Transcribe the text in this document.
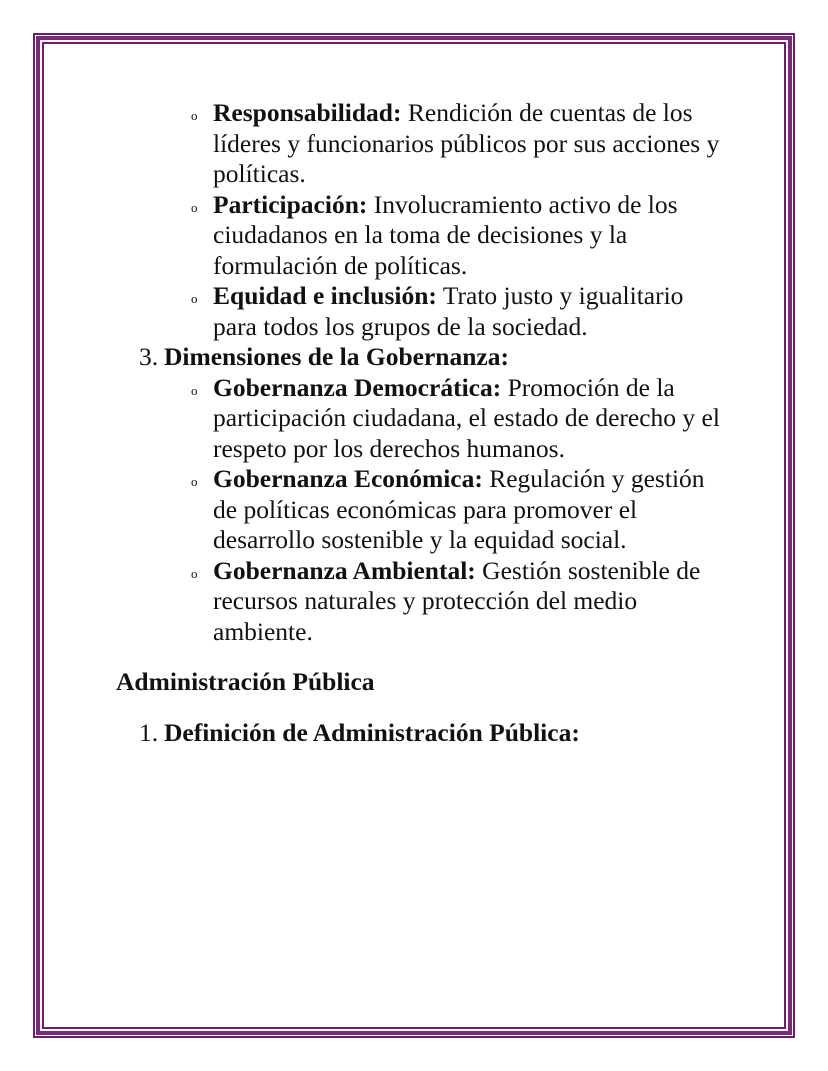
o Responsabilidad: Rendición de cuentas de los líderes y funcionarios públicos por sus acciones y políticas.
o Participación: Involucramiento activo de los ciudadanos en la toma de decisiones y la formulación de políticas.
o Equidad e inclusión: Trato justo y igualitario para todos los grupos de la sociedad.
3. Dimensiones de la Gobernanza:
o Gobernanza Democrática: Promoción de la participación ciudadana, el estado de derecho y el respeto por los derechos humanos.
o Gobernanza Económica: Regulación y gestión de políticas económicas para promover el desarrollo sostenible y la equidad social.
o Gobernanza Ambiental: Gestión sostenible de recursos naturales y protección del medio ambiente.
Administración Pública
1. Definición de Administración Pública:
